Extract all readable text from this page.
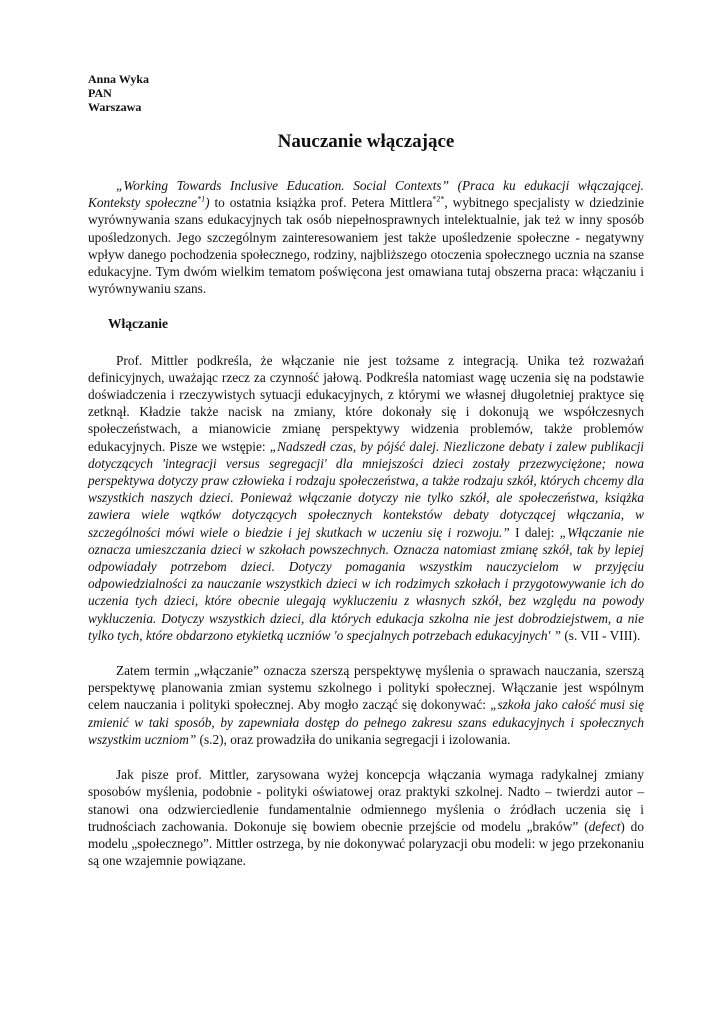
Anna Wyka
PAN
Warszawa
Nauczanie włączające

„Working Towards Inclusive Education. Social Contexts” (Praca ku edukacji włączającej. Konteksty społeczne$^{*1}$) to ostatnia książka prof. Petera Mittlera$^{*2*}$, wybitnego specjalisty w dziedzinie wyrównywania szans edukacyjnych tak osób niepełnosprawnych intelektualnie, jak też w inny sposób upośledzonych. Jego szczególnym zainteresowaniem jest także upośledzenie społeczne - negatywny wpływ danego pochodzenia społecznego, rodziny, najbliższego otoczenia społecznego ucznia na szanse edukacyjne. Tym dwóm wielkim tematom poświęcona jest omawiana tutaj obszerna praca: włączaniu i wyrównywaniu szans.

Włączanie

Prof. Mittler podkreśla, że włączanie nie jest tożsame z integracją. Unika też rozważań definicyjnych, uważając rzecz za czynność jałową. Podkreśla natomiast wagę uczenia się na podstawie doświadczenia i rzeczywistych sytuacji edukacyjnych, z którymi we własnej długoletniej praktyce się zetknął. Kładzie także nacisk na zmiany, które dokonały się i dokonują we współczesnych społeczeństwach, a mianowicie zmianę perspektywy widzenia problemów, także problemów edukacyjnych. Pisze we wstępie: „Nadszedł czas, by pójść dalej. Niezliczone debaty i zalew publikacji dotyczących 'integracji versus segregacji' dla mniejszości dzieci zostały przezwyciężone; nowa perspektywa dotyczy praw człowieka i rodzaju społeczeństwa, a także rodzaju szkół, których chcemy dla wszystkich naszych dzieci. Ponieważ włączanie dotyczy nie tylko szkół, ale społeczeństwa, książka zawiera wiele wątków dotyczących społecznych kontekstów debaty dotyczącej włączania, w szczególności mówi wiele o biedzie i jej skutkach w uczeniu się i rozwoju.” I dalej: „Włączanie nie oznacza umieszczania dzieci w szkołach powszechnych. Oznacza natomiast zmianę szkół, tak by lepiej odpowiadały potrzebom dzieci. Dotyczy pomagania wszystkim nauczycielom w przyjęciu odpowiedzialności za nauczanie wszystkich dzieci w ich rodzimych szkołach i przygotowywanie ich do uczenia tych dzieci, które obecnie ulegają wykluczeniu z własnych szkół, bez względu na powody wykluczenia. Dotyczy wszystkich dzieci, dla których edukacja szkolna nie jest dobrodziejstwem, a nie tylko tych, które obdarzono etykietką uczniów 'o specjalnych potrzebach edukacyjnych' ” (s. VII - VIII).

Zatem termin „włączanie” oznacza szerszą perspektywę myślenia o sprawach nauczania, szerszą perspektywę planowania zmian systemu szkolnego i polityki społecznej. Włączanie jest wspólnym celem nauczania i polityki społecznej. Aby mogło zacząć się dokonywać: „szkoła jako całość musi się zmienić w taki sposób, by zapewniała dostęp do pełnego zakresu szans edukacyjnych i społecznych wszystkim uczniom” (s.2), oraz prowadziła do unikania segregacji i izolowania.

Jak pisze prof. Mittler, zarysowana wyżej koncepcja włączania wymaga radykalnej zmiany sposobów myślenia, podobnie - polityki oświatowej oraz praktyki szkolnej. Nadto – twierdzi autor – stanowi ona odzwierciedlenie fundamentalnie odmiennego myślenia o źródłach uczenia się i trudnościach zachowania. Dokonuje się bowiem obecnie przejście od modelu „braków” (defect) do modelu „społecznego”. Mittler ostrzega, by nie dokonywać polaryzacji obu modeli: w jego przekonaniu są one wzajemnie powiązane.
